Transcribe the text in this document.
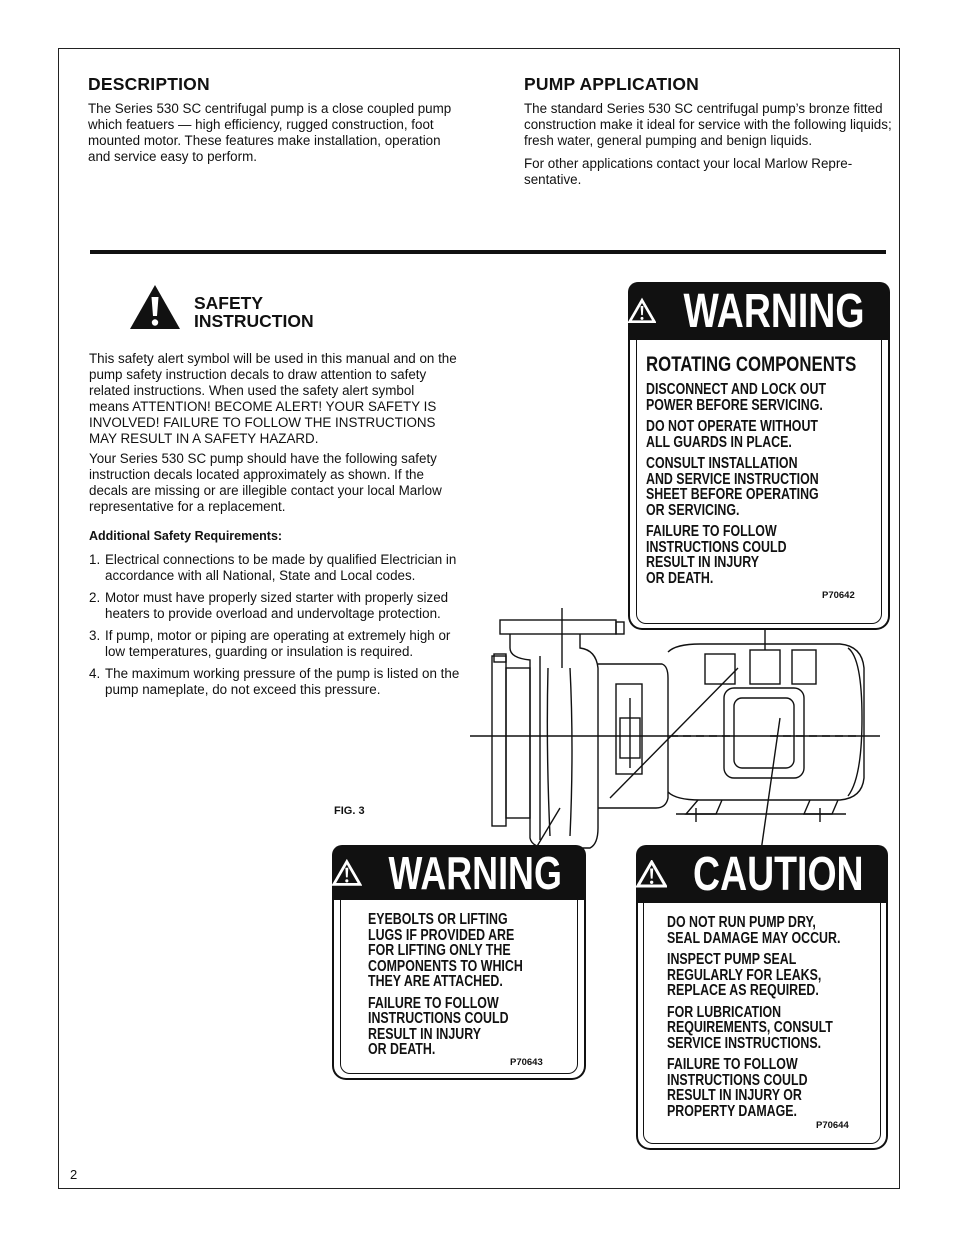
DESCRIPTION

The Series 530 SC centrifugal pump is a close coupled pump

which featuers — high efficiency, rugged construction, foot

mounted motor. These features make installation, operation

and service easy to perform.

PUMP APPLICATION

The standard Series 530 SC centrifugal pump’s bronze fitted

construction make it ideal for service with the following liquids;

fresh water, general pumping and benign liquids.

For other applications contact your local Marlow Repre-

sentative.

SAFETY
INSTRUCTION

This safety alert symbol will be used in this manual and on the

pump safety instruction decals to draw attention to safety

related instructions. When used the safety alert symbol

means ATTENTION! BECOME ALERT! YOUR SAFETY IS

INVOLVED! FAILURE TO FOLLOW THE INSTRUCTIONS

MAY RESULT IN A SAFETY HAZARD.

Your Series 530 SC pump should have the following safety

instruction decals located approximately as shown. If the

decals are missing or are illegible contact your local Marlow

representative for a replacement.

Additional Safety Requirements:
1. Electrical connections to be made by qualified Electrician in
accordance with all National, State and Local codes.
2. Motor must have properly sized starter with properly sized
heaters to provide overload and undervoltage protection.
3. If pump, motor or piping are operating at extremely high or
low temperatures, guarding or insulation is required.
4. The maximum working pressure of the pump is listed on the
pump nameplate, do not exceed this pressure.
FIG. 3
WARNING
ROTATING COMPONENTS
DISCONNECT AND LOCK OUT
POWER BEFORE SERVICING.
DO NOT OPERATE WITHOUT
ALL GUARDS IN PLACE.
CONSULT INSTALLATION
AND SERVICE INSTRUCTION
SHEET BEFORE OPERATING
OR SERVICING.
FAILURE TO FOLLOW
INSTRUCTIONS COULD
RESULT IN INJURY
OR DEATH.
P70642
WARNING
EYEBOLTS OR LIFTING
LUGS IF PROVIDED ARE
FOR LIFTING ONLY THE
COMPONENTS TO WHICH
THEY ARE ATTACHED.
FAILURE TO FOLLOW
INSTRUCTIONS COULD
RESULT IN INJURY
OR DEATH.
P70643
CAUTION
DO NOT RUN PUMP DRY,
SEAL DAMAGE MAY OCCUR.
INSPECT PUMP SEAL
REGULARLY FOR LEAKS,
REPLACE AS REQUIRED.
FOR LUBRICATION
REQUIREMENTS, CONSULT
SERVICE INSTRUCTIONS.
FAILURE TO FOLLOW
INSTRUCTIONS COULD
RESULT IN INJURY OR
PROPERTY DAMAGE.
P70644
2
